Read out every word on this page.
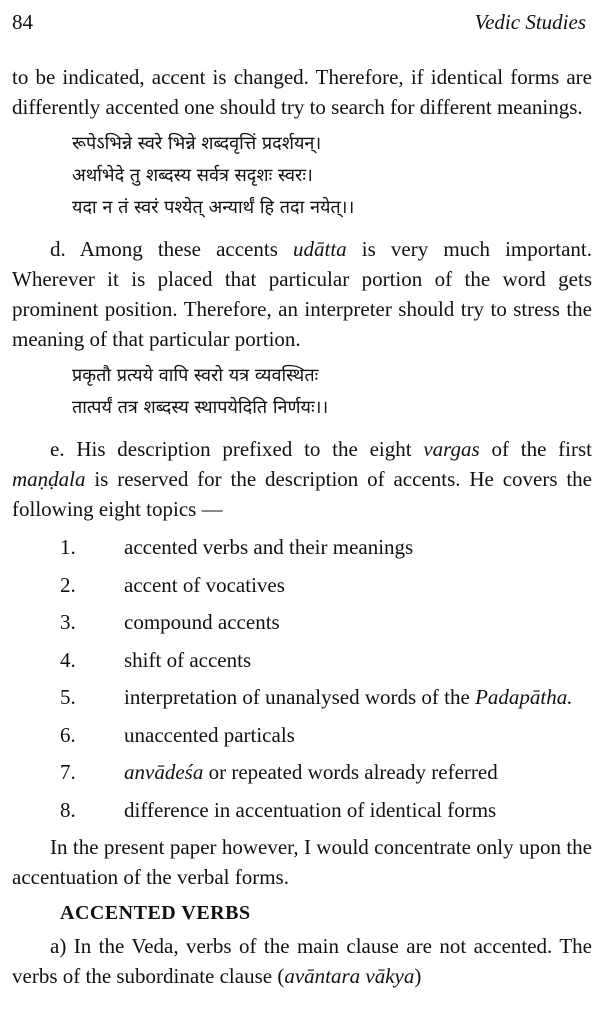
84	Vedic Studies

to be indicated, accent is changed. Therefore, if identical forms are differently accented one should try to search for different meanings.

रूपेऽभिन्ने स्वरे भिन्ने शब्दवृत्तिं प्रदर्शयन्।
अर्थाभेदे तु शब्दस्य सर्वत्र सदृशः स्वरः।
यदा न तं स्वरं पश्येत् अन्यार्थं हि तदा नयेत्।।

d. Among these accents udātta is very much important. Wherever it is placed that particular portion of the word gets prominent position. Therefore, an interpreter should try to stress the meaning of that particular portion.

प्रकृतौ प्रत्यये वापि स्वरो यत्र व्यवस्थितः
तात्पर्यं तत्र शब्दस्य स्थापयेदिति निर्णयः।।

e. His description prefixed to the eight vargas of the first maṇḍala is reserved for the description of accents. He covers the following eight topics —

1. accented verbs and their meanings
2. accent of vocatives
3. compound accents
4. shift of accents
5. interpretation of unanalysed words of the Padapātha.
6. unaccented particals
7. anvādeśa or repeated words already referred
8. difference in accentuation of identical forms

In the present paper however, I would concentrate only upon the accentuation of the verbal forms.

ACCENTED VERBS

a) In the Veda, verbs of the main clause are not accented. The verbs of the subordinate clause (avāntara vākya)
